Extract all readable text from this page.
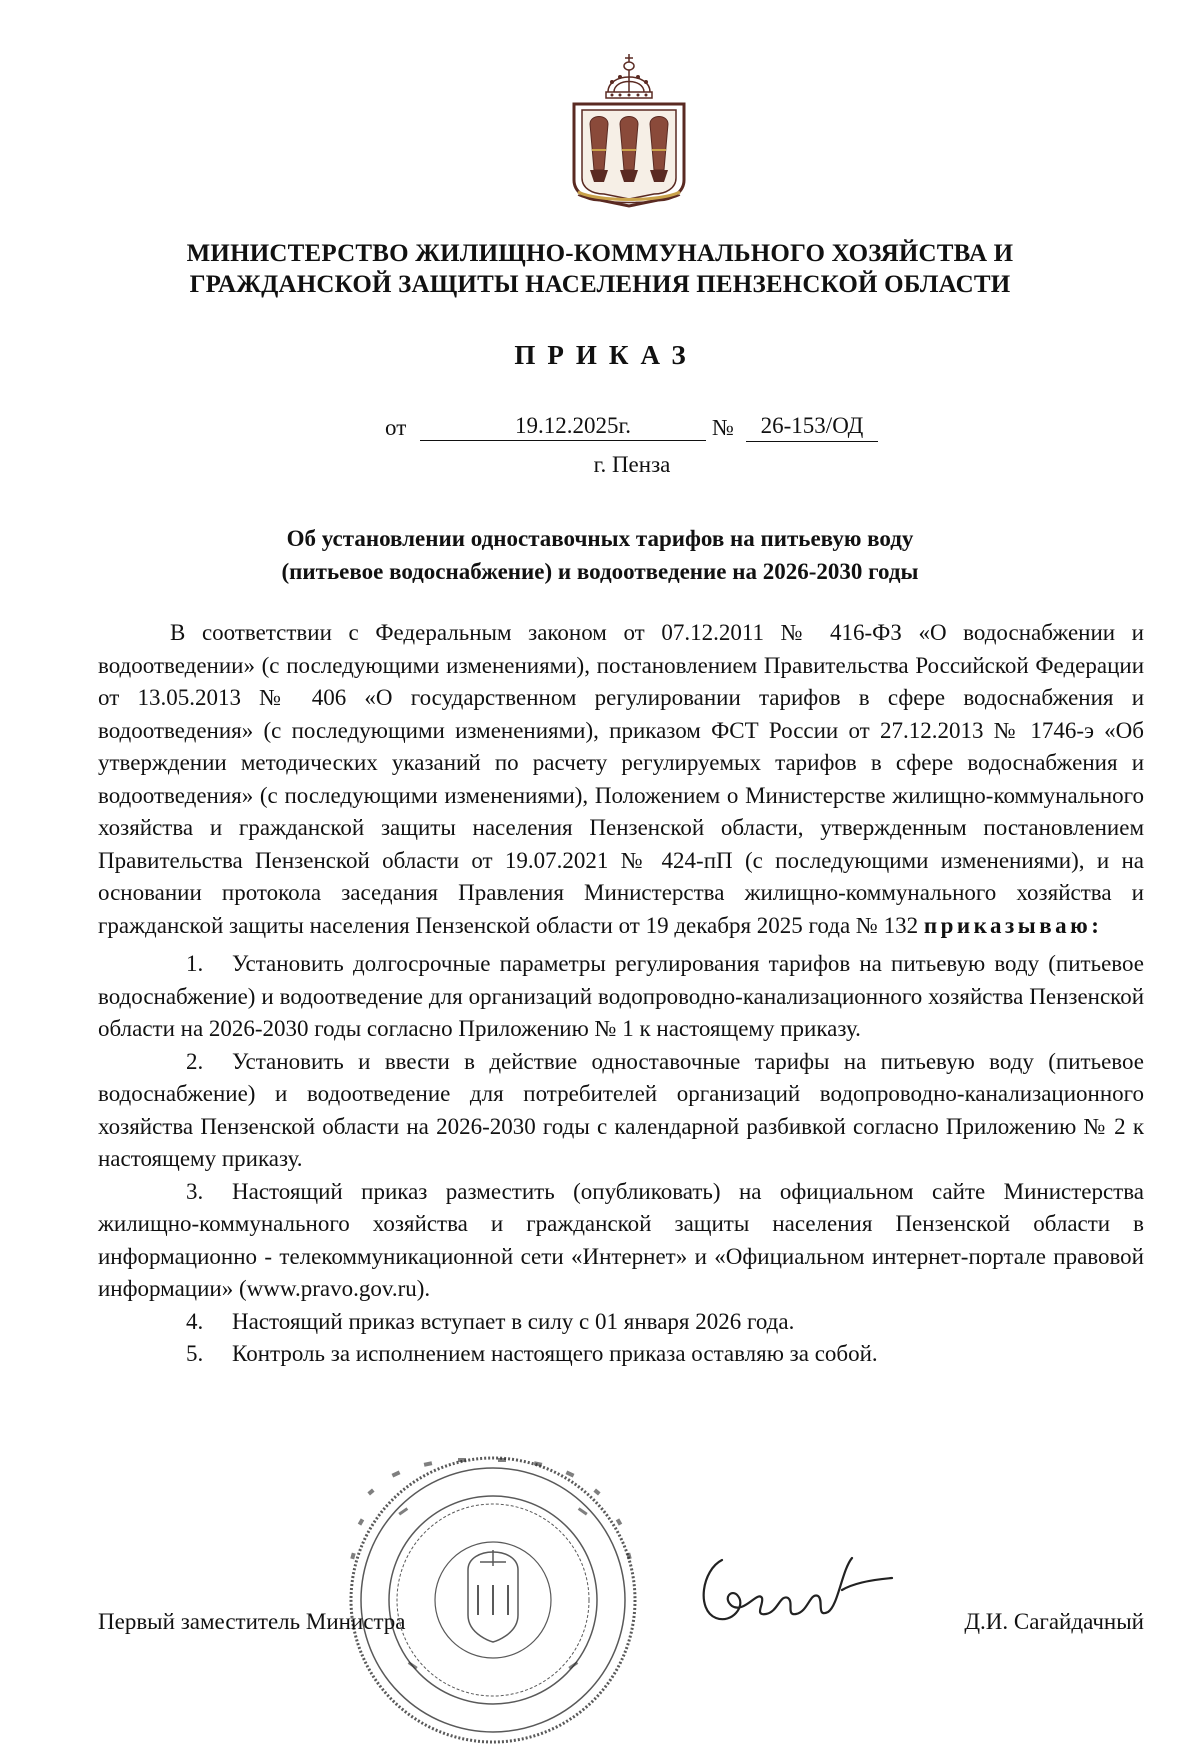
МИНИСТЕРСТВО ЖИЛИЩНО-КОММУНАЛЬНОГО ХОЗЯЙСТВА И
ГРАЖДАНСКОЙ ЗАЩИТЫ НАСЕЛЕНИЯ ПЕНЗЕНСКОЙ ОБЛАСТИ
ПРИКАЗ
от	19.12.2025г.	№	26-153/ОД
г. Пенза
Об установлении одноставочных тарифов на питьевую воду
(питьевое водоснабжение) и водоотведение на 2026-2030 годы

В соответствии с Федеральным законом от 07.12.2011 № 416-ФЗ «О водоснабжении и водоотведении» (с последующими изменениями), постановлением Правительства Российской Федерации от 13.05.2013 № 406 «О государственном регулировании тарифов в сфере водоснабжения и водоотведения» (с последующими изменениями), приказом ФСТ России от 27.12.2013 № 1746-э «Об утверждении методических указаний по расчету регулируемых тарифов в сфере водоснабжения и водоотведения» (с последующими изменениями), Положением о Министерстве жилищно-коммунального хозяйства и гражданской защиты населения Пензенской области, утвержденным постановлением Правительства Пензенской области от 19.07.2021 № 424-пП (с последующими изменениями), и на основании протокола заседания Правления Министерства жилищно-коммунального хозяйства и гражданской защиты населения Пензенской области от 19 декабря 2025 года № 132 приказываю:

1. Установить долгосрочные параметры регулирования тарифов на питьевую воду (питьевое водоснабжение) и водоотведение для организаций водопроводно-канализационного хозяйства Пензенской области на 2026-2030 годы согласно Приложению № 1 к настоящему приказу.

2. Установить и ввести в действие одноставочные тарифы на питьевую воду (питьевое водоснабжение) и водоотведение для потребителей организаций водопроводно-канализационного хозяйства Пензенской области на 2026-2030 годы с календарной разбивкой согласно Приложению № 2 к настоящему приказу.

3. Настоящий приказ разместить (опубликовать) на официальном сайте Министерства жилищно-коммунального хозяйства и гражданской защиты населения Пензенской области в информационно - телекоммуникационной сети «Интернет» и «Официальном интернет-портале правовой информации» (www.pravo.gov.ru).

4. Настоящий приказ вступает в силу с 01 января 2026 года.

5. Контроль за исполнением настоящего приказа оставляю за собой.

Первый заместитель Министра	Д.И. Сагайдачный
